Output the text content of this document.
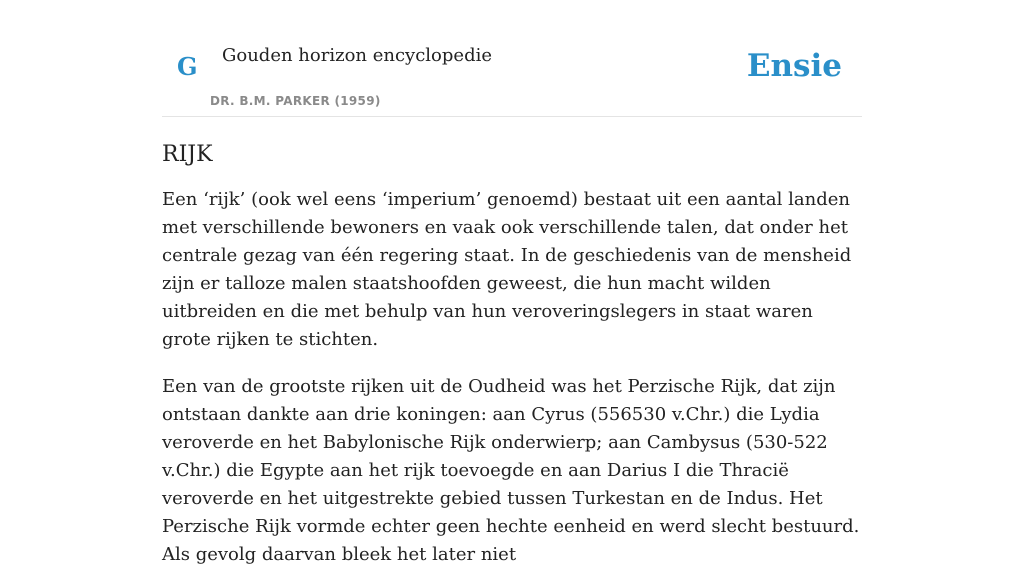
G Gouden horizon encyclopedie
DR. B.M. PARKER (1959)
Ensie
RIJK

Een ‘rijk’ (ook wel eens ‘imperium’ genoemd) bestaat uit een aantal landen met verschillende bewoners en vaak ook verschillende talen, dat onder het centrale gezag van één regering staat. In de geschiedenis van de mensheid zijn er talloze malen staatshoofden geweest, die hun macht wilden uitbreiden en die met behulp van hun veroveringslegers in staat waren grote rijken te stichten.

Een van de grootste rijken uit de Oudheid was het Perzische Rijk, dat zijn ontstaan dankte aan drie koningen: aan Cyrus (556530 v.Chr.) die Lydia veroverde en het Babylonische Rijk onderwierp; aan Cambysus (530-522 v.Chr.) die Egypte aan het rijk toevoegde en aan Darius I die Thracië veroverde en het uitgestrekte gebied tussen Turkestan en de Indus. Het Perzische Rijk vormde echter geen hechte eenheid en werd slecht bestuurd. Als gevolg daarvan bleek het later niet
